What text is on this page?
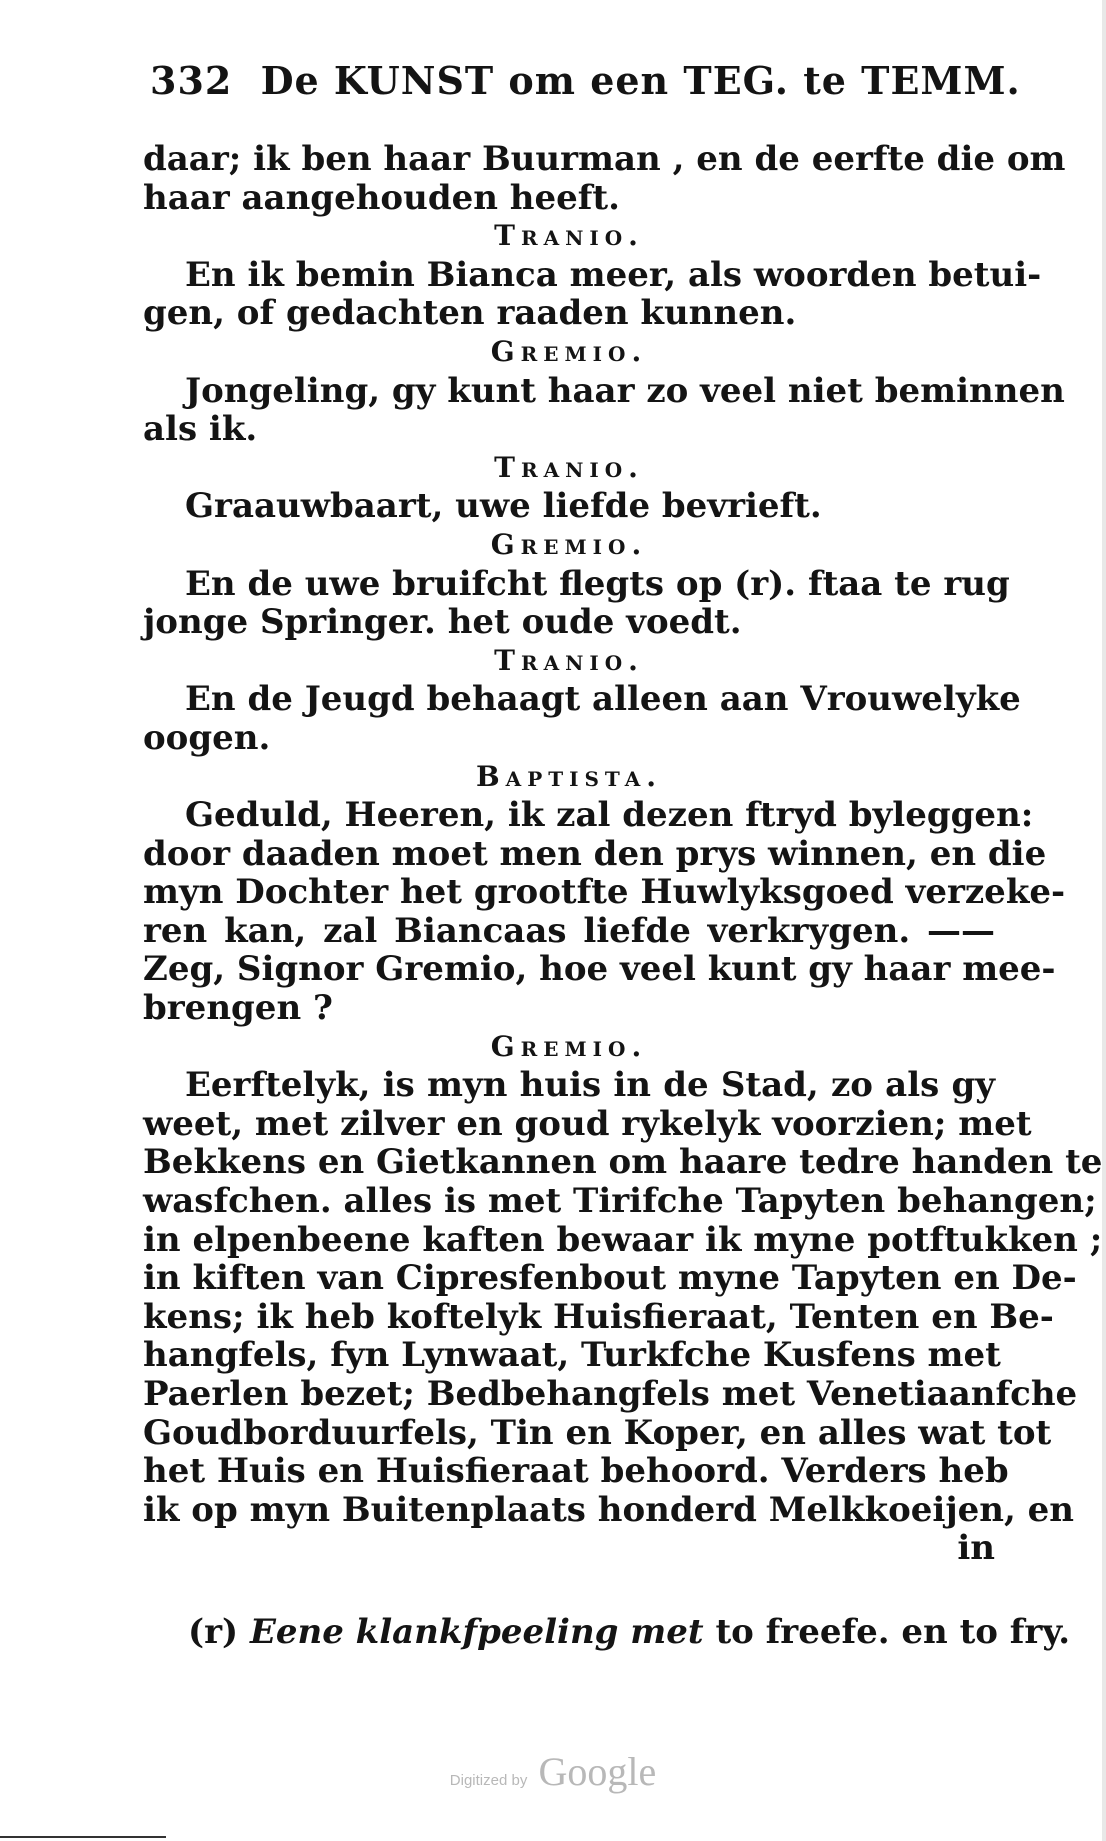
332 De KUNST om een TEG. te TEMM.
daar; ik ben haar Buurman , en de eerfte die om
haar aangehouden heeft.
Tranio.
En ik bemin Bianca meer, als woorden betui-
gen, of gedachten raaden kunnen.
Gremio.
Jongeling, gy kunt haar zo veel niet beminnen
als ik.
Tranio.
Graauwbaart, uwe liefde bevrieft.
Gremio.
En de uwe bruifcht flegts op (r). ftaa te rug
jonge Springer. het oude voedt.
Tranio.
En de Jeugd behaagt alleen aan Vrouwelyke
oogen.
Baptista.
Geduld, Heeren, ik zal dezen ftryd byleggen:
door daaden moet men den prys winnen, en die
myn Dochter het grootfte Huwlyksgoed verzeke-
ren kan, zal Biancaas liefde verkrygen. ——
Zeg, Signor Gremio, hoe veel kunt gy haar mee-
brengen ?
Gremio.
Eerftelyk, is myn huis in de Stad, zo als gy
weet, met zilver en goud rykelyk voorzien; met
Bekkens en Gietkannen om haare tedre handen te
wasfchen. alles is met Tirifche Tapyten behangen;
in elpenbeene kaften bewaar ik myne potftukken ;
in kiften van Cipresfenbout myne Tapyten en De-
kens; ik heb koftelyk Huisfieraat, Tenten en Be-
hangfels, fyn Lynwaat, Turkfche Kusfens met
Paerlen bezet; Bedbehangfels met Venetiaanfche
Goudborduurfels, Tin en Koper, en alles wat tot
het Huis en Huisfieraat behoord. Verders heb
ik op myn Buitenplaats honderd Melkkoeijen, en
in
(r) Eene klankfpeeling met to freefe. en to fry.
Digitized by Google
